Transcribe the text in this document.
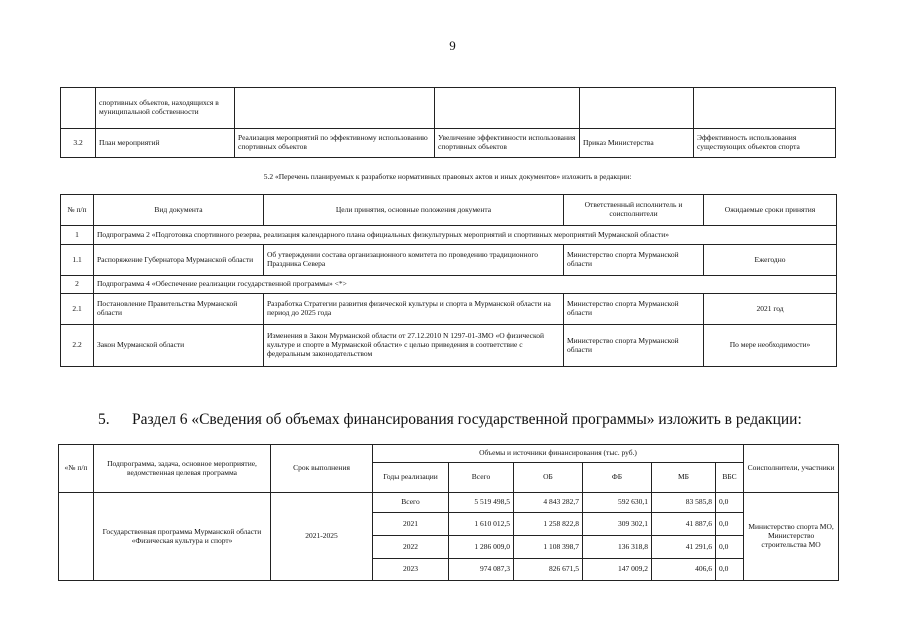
9
	спортивных объектов, находящихся в муниципальной собственности				
3.2	План мероприятий	Реализация мероприятий по эффективному использованию спортивных объектов	Увеличение эффективности использования спортивных объектов	Приказ Министерства	Эффективность использования существующих объектов спорта
5.2 «Перечень планируемых к разработке нормативных правовых актов и иных документов» изложить в редакции:
№ п/п	Вид документа	Цели принятия, основные положения документа	Ответственный исполнитель и соисполнители	Ожидаемые сроки принятия
1	Подпрограмма 2 «Подготовка спортивного резерва, реализация календарного плана официальных физкультурных мероприятий и спортивных мероприятий Мурманской области»			
1.1	Распоряжение Губернатора Мурманской области	Об утверждении состава организационного комитета по проведению традиционного Праздника Севера	Министерство спорта Мурманской области	Ежегодно
2	Подпрограмма 4 «Обеспечение реализации государственной программы» <*>			
2.1	Постановление Правительства Мурманской области	Разработка Стратегии развития физической культуры и спорта в Мурманской области на период до 2025 года	Министерство спорта Мурманской области	2021 год
2.2	Закон Мурманской области	Изменения в Закон Мурманской области от 27.12.2010 N 1297-01-ЗМО «О физической культуре и спорте в Мурманской области» с целью приведения в соответствие с федеральным законодательством	Министерство спорта Мурманской области	По мере необходимости»
5. Раздел 6 «Сведения об объемах финансирования государственной программы» изложить в редакции:
«№ п/п	Подпрограмма, задача, основное мероприятие, ведомственная целевая программа	Срок выполнения	Объемы и источники финансирования (тыс. руб.)						Соисполнители, участники
			Годы реализации	Всего	ОБ	ФБ	МБ	ВБС	
	Государственная программа Мурманской области «Физическая культура и спорт»	2021-2025	Всего	5 519 498,5	4 843 282,7	592 630,1	83 585,8	0,0	Министерство спорта МО, Министерство строительства МО
			2021	1 610 012,5	1 258 822,8	309 302,1	41 887,6	0,0	
			2022	1 286 009,0	1 108 398,7	136 318,8	41 291,6	0,0	
			2023	974 087,3	826 671,5	147 009,2	406,6	0,0	
